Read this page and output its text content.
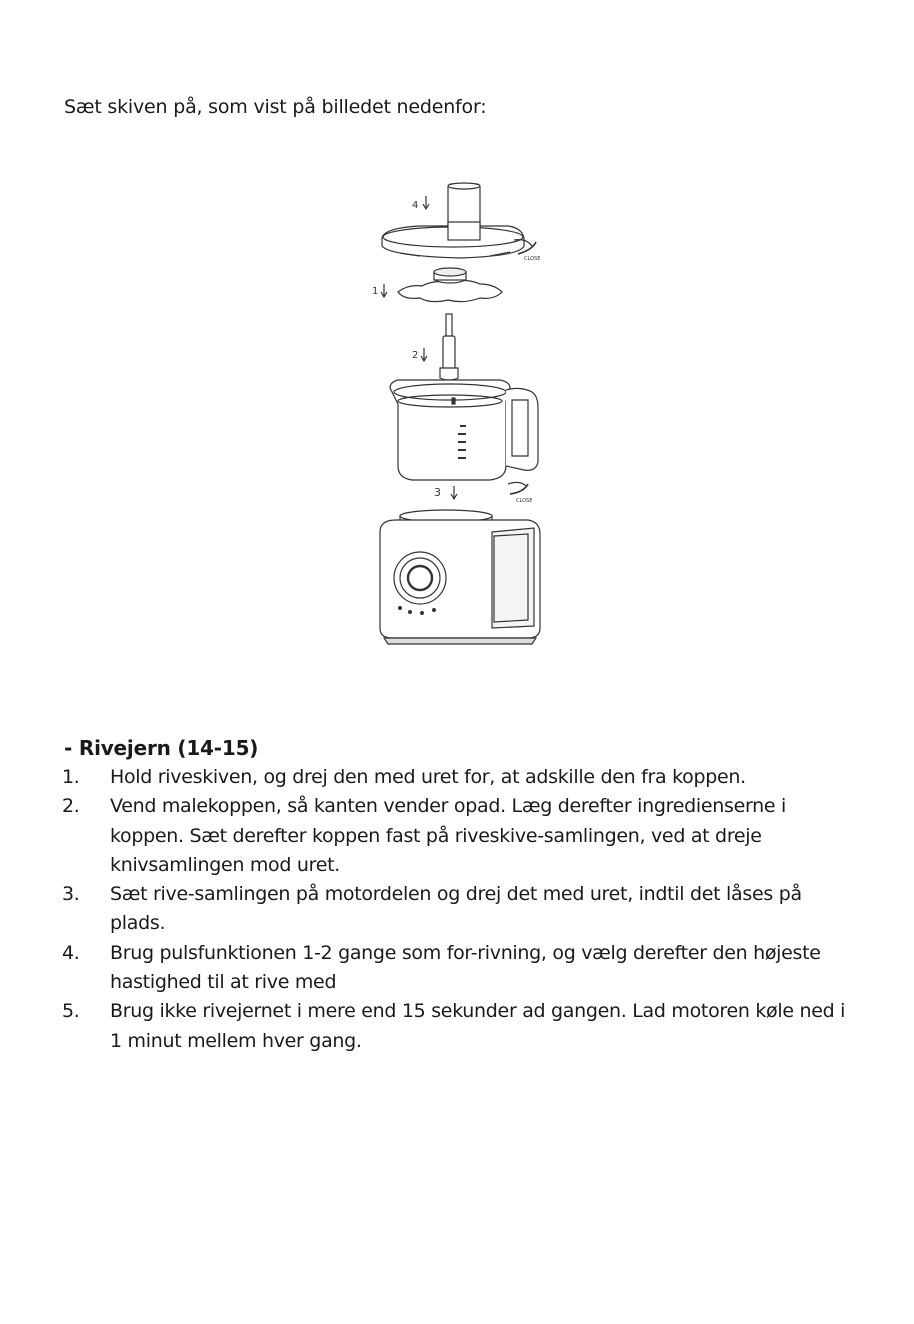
Sæt skiven på, som vist på billedet nedenfor:
4
CLOSE
1
2
3
CLOSE
- Rivejern (14-15)
1.	Hold riveskiven, og drej den med uret for, at adskille den fra koppen.
2.	Vend malekoppen, så kanten vender opad. Læg derefter ingredienserne i koppen. Sæt derefter koppen fast på riveskive-samlingen, ved at dreje knivsamlingen mod uret.
3.	Sæt rive-samlingen på motordelen og drej det med uret, indtil det låses på plads.
4.	Brug pulsfunktionen 1-2 gange som for-rivning, og vælg derefter den højeste hastighed til at rive med
5.	Brug ikke rivejernet i mere end 15 sekunder ad gangen. Lad motoren køle ned i 1 minut mellem hver gang.
